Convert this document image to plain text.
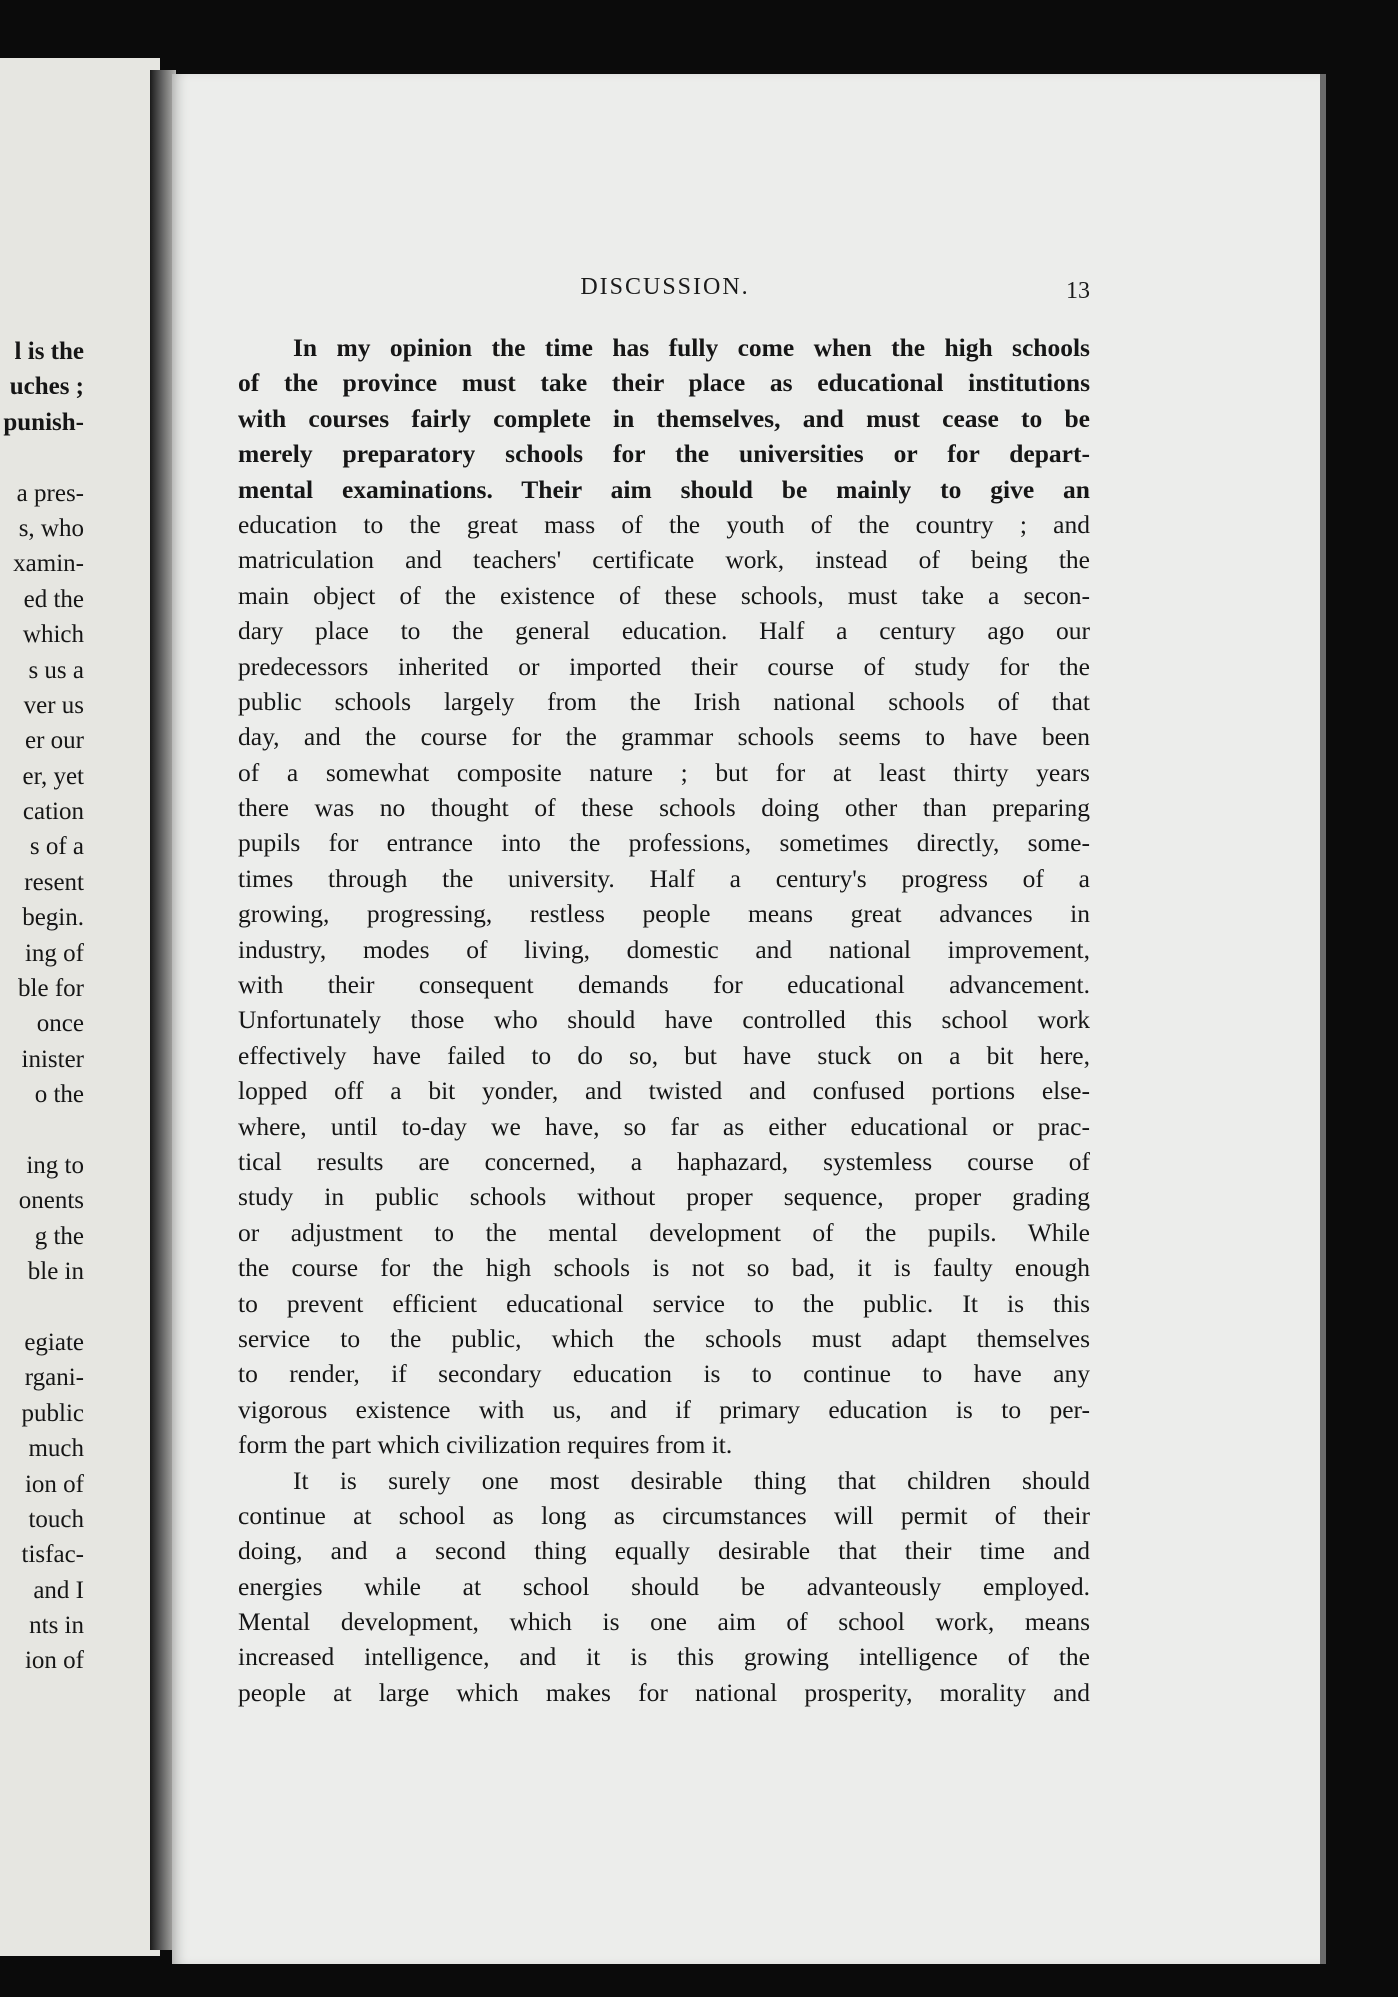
l is the
uches ;
punish-
a pres-
s, who
xamin-
ed the
which
s us a
ver us
er our
er, yet
cation
s of a
resent
begin.
ing of
ble for
once
inister
o the
ing to
onents
g the
ble in
egiate
rgani-
public
much
ion of
touch
tisfac-
and I
nts in
ion of
DISCUSSION.	13
In my opinion the time has fully come when the high schools
of the province must take their place as educational institutions
with courses fairly complete in themselves, and must cease to be
merely preparatory schools for the universities or for depart-
mental examinations. Their aim should be mainly to give an
education to the great mass of the youth of the country ; and
matriculation and teachers' certificate work, instead of being the
main object of the existence of these schools, must take a secon-
dary place to the general education. Half a century ago our
predecessors inherited or imported their course of study for the
public schools largely from the Irish national schools of that
day, and the course for the grammar schools seems to have been
of a somewhat composite nature ; but for at least thirty years
there was no thought of these schools doing other than preparing
pupils for entrance into the professions, sometimes directly, some-
times through the university. Half a century's progress of a
growing, progressing, restless people means great advances in
industry, modes of living, domestic and national improvement,
with their consequent demands for educational advancement.
Unfortunately those who should have controlled this school work
effectively have failed to do so, but have stuck on a bit here,
lopped off a bit yonder, and twisted and confused portions else-
where, until to-day we have, so far as either educational or prac-
tical results are concerned, a haphazard, systemless course of
study in public schools without proper sequence, proper grading
or adjustment to the mental development of the pupils. While
the course for the high schools is not so bad, it is faulty enough
to prevent efficient educational service to the public. It is this
service to the public, which the schools must adapt themselves
to render, if secondary education is to continue to have any
vigorous existence with us, and if primary education is to per-
form the part which civilization requires from it.
It is surely one most desirable thing that children should
continue at school as long as circumstances will permit of their
doing, and a second thing equally desirable that their time and
energies while at school should be advanteously employed.
Mental development, which is one aim of school work, means
increased intelligence, and it is this growing intelligence of the
people at large which makes for national prosperity, morality and
